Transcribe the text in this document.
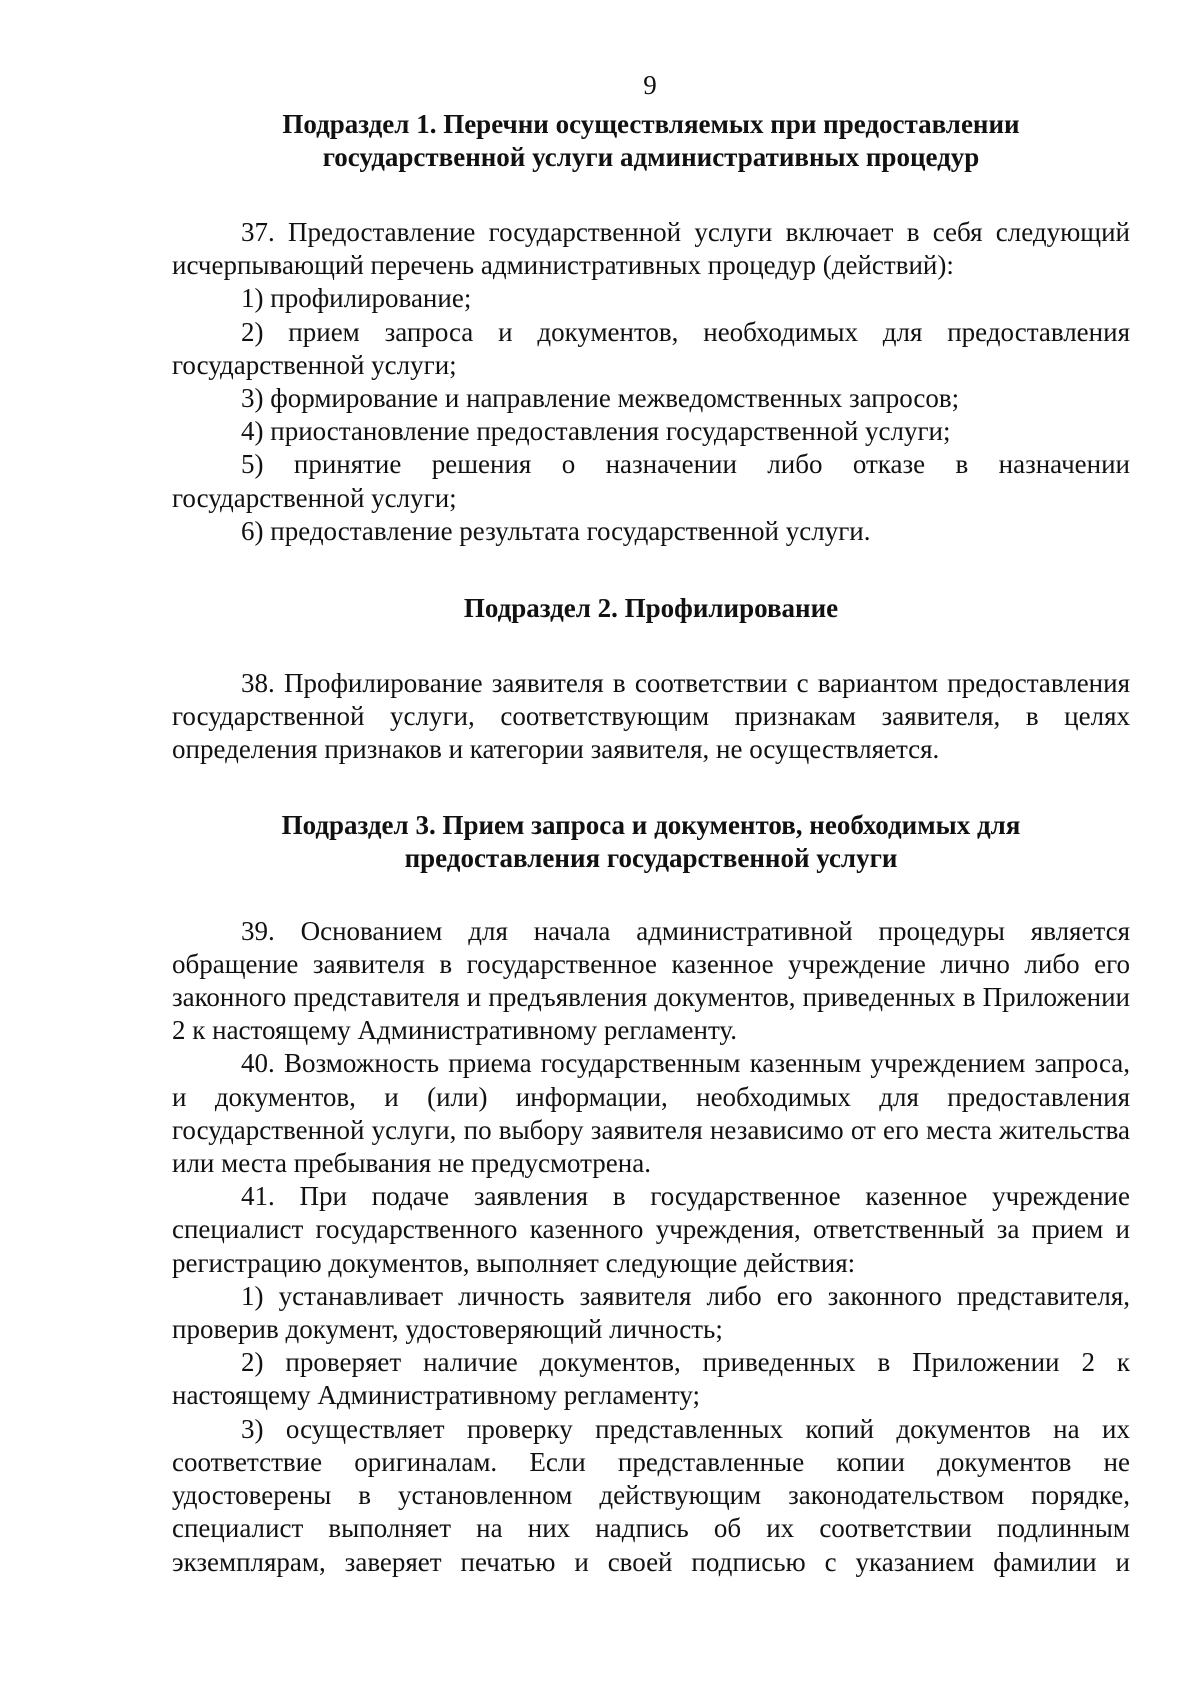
9

Подраздел 1. Перечни осуществляемых при предоставлении государственной услуги административных процедур

37. Предоставление государственной услуги включает в себя следующий исчерпывающий перечень административных процедур (действий):

1) профилирование;

2) прием запроса и документов, необходимых для предоставления государственной услуги;

3) формирование и направление межведомственных запросов;

4) приостановление предоставления государственной услуги;

5) принятие решения о назначении либо отказе в назначении государственной услуги;

6) предоставление результата государственной услуги.

Подраздел 2. Профилирование

38. Профилирование заявителя в соответствии с вариантом предоставления государственной услуги, соответствующим признакам заявителя, в целях определения признаков и категории заявителя, не осуществляется.

Подраздел 3. Прием запроса и документов, необходимых для предоставления государственной услуги

39. Основанием для начала административной процедуры является обращение заявителя в государственное казенное учреждение лично либо его законного представителя и предъявления документов, приведенных в Приложении 2 к настоящему Административному регламенту.

40. Возможность приема государственным казенным учреждением запроса, и документов, и (или) информации, необходимых для предоставления государственной услуги, по выбору заявителя независимо от его места жительства или места пребывания не предусмотрена.

41. При подаче заявления в государственное казенное учреждение специалист государственного казенного учреждения, ответственный за прием и регистрацию документов, выполняет следующие действия:

1) устанавливает личность заявителя либо его законного представителя, проверив документ, удостоверяющий личность;

2) проверяет наличие документов, приведенных в Приложении 2 к настоящему Административному регламенту;

3) осуществляет проверку представленных копий документов на их соответствие оригиналам. Если представленные копии документов не удостоверены в установленном действующим законодательством порядке, специалист выполняет на них надпись об их соответствии подлинным экземплярам, заверяет печатью и своей подписью с указанием фамилии и
